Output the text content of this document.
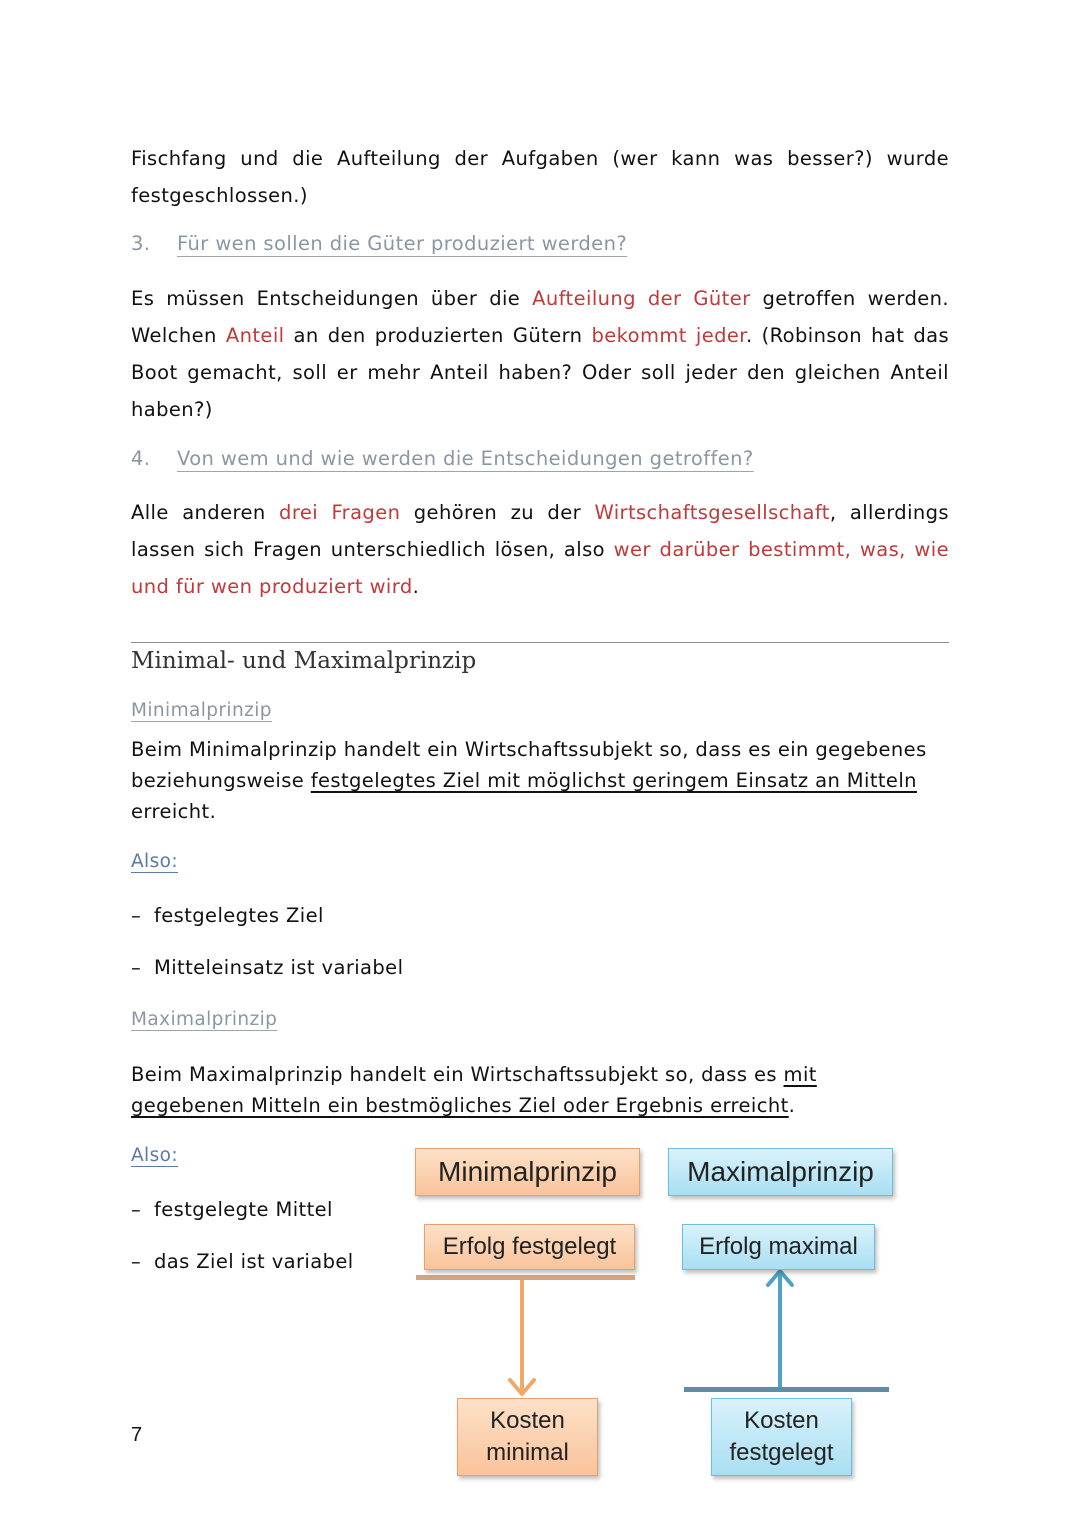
Fischfang und die Aufteilung der Aufgaben (wer kann was besser?) wurde festgeschlossen.)
3. Für wen sollen die Güter produziert werden?
Es müssen Entscheidungen über die Aufteilung der Güter getroffen werden. Welchen Anteil an den produzierten Gütern bekommt jeder. (Robinson hat das Boot gemacht, soll er mehr Anteil haben? Oder soll jeder den gleichen Anteil haben?)
4. Von wem und wie werden die Entscheidungen getroffen?
Alle anderen drei Fragen gehören zu der Wirtschaftsgesellschaft, allerdings lassen sich Fragen unterschiedlich lösen, also wer darüber bestimmt, was, wie und für wen produziert wird.
Minimal- und Maximalprinzip
Minimalprinzip
Beim Minimalprinzip handelt ein Wirtschaftssubjekt so, dass es ein gegebenes beziehungsweise festgelegtes Ziel mit möglichst geringem Einsatz an Mitteln erreicht.
Also:
– festgelegtes Ziel
– Mitteleinsatz ist variabel
Maximalprinzip
Beim Maximalprinzip handelt ein Wirtschaftssubjekt so, dass es mit gegebenen Mitteln ein bestmögliches Ziel oder Ergebnis erreicht.
Also:
– festgelegte Mittel
– das Ziel ist variabel
Minimalprinzip	Maximalprinzip
Erfolg festgelegt	Erfolg maximal
Kosten
minimal
Kosten
festgelegt
7
